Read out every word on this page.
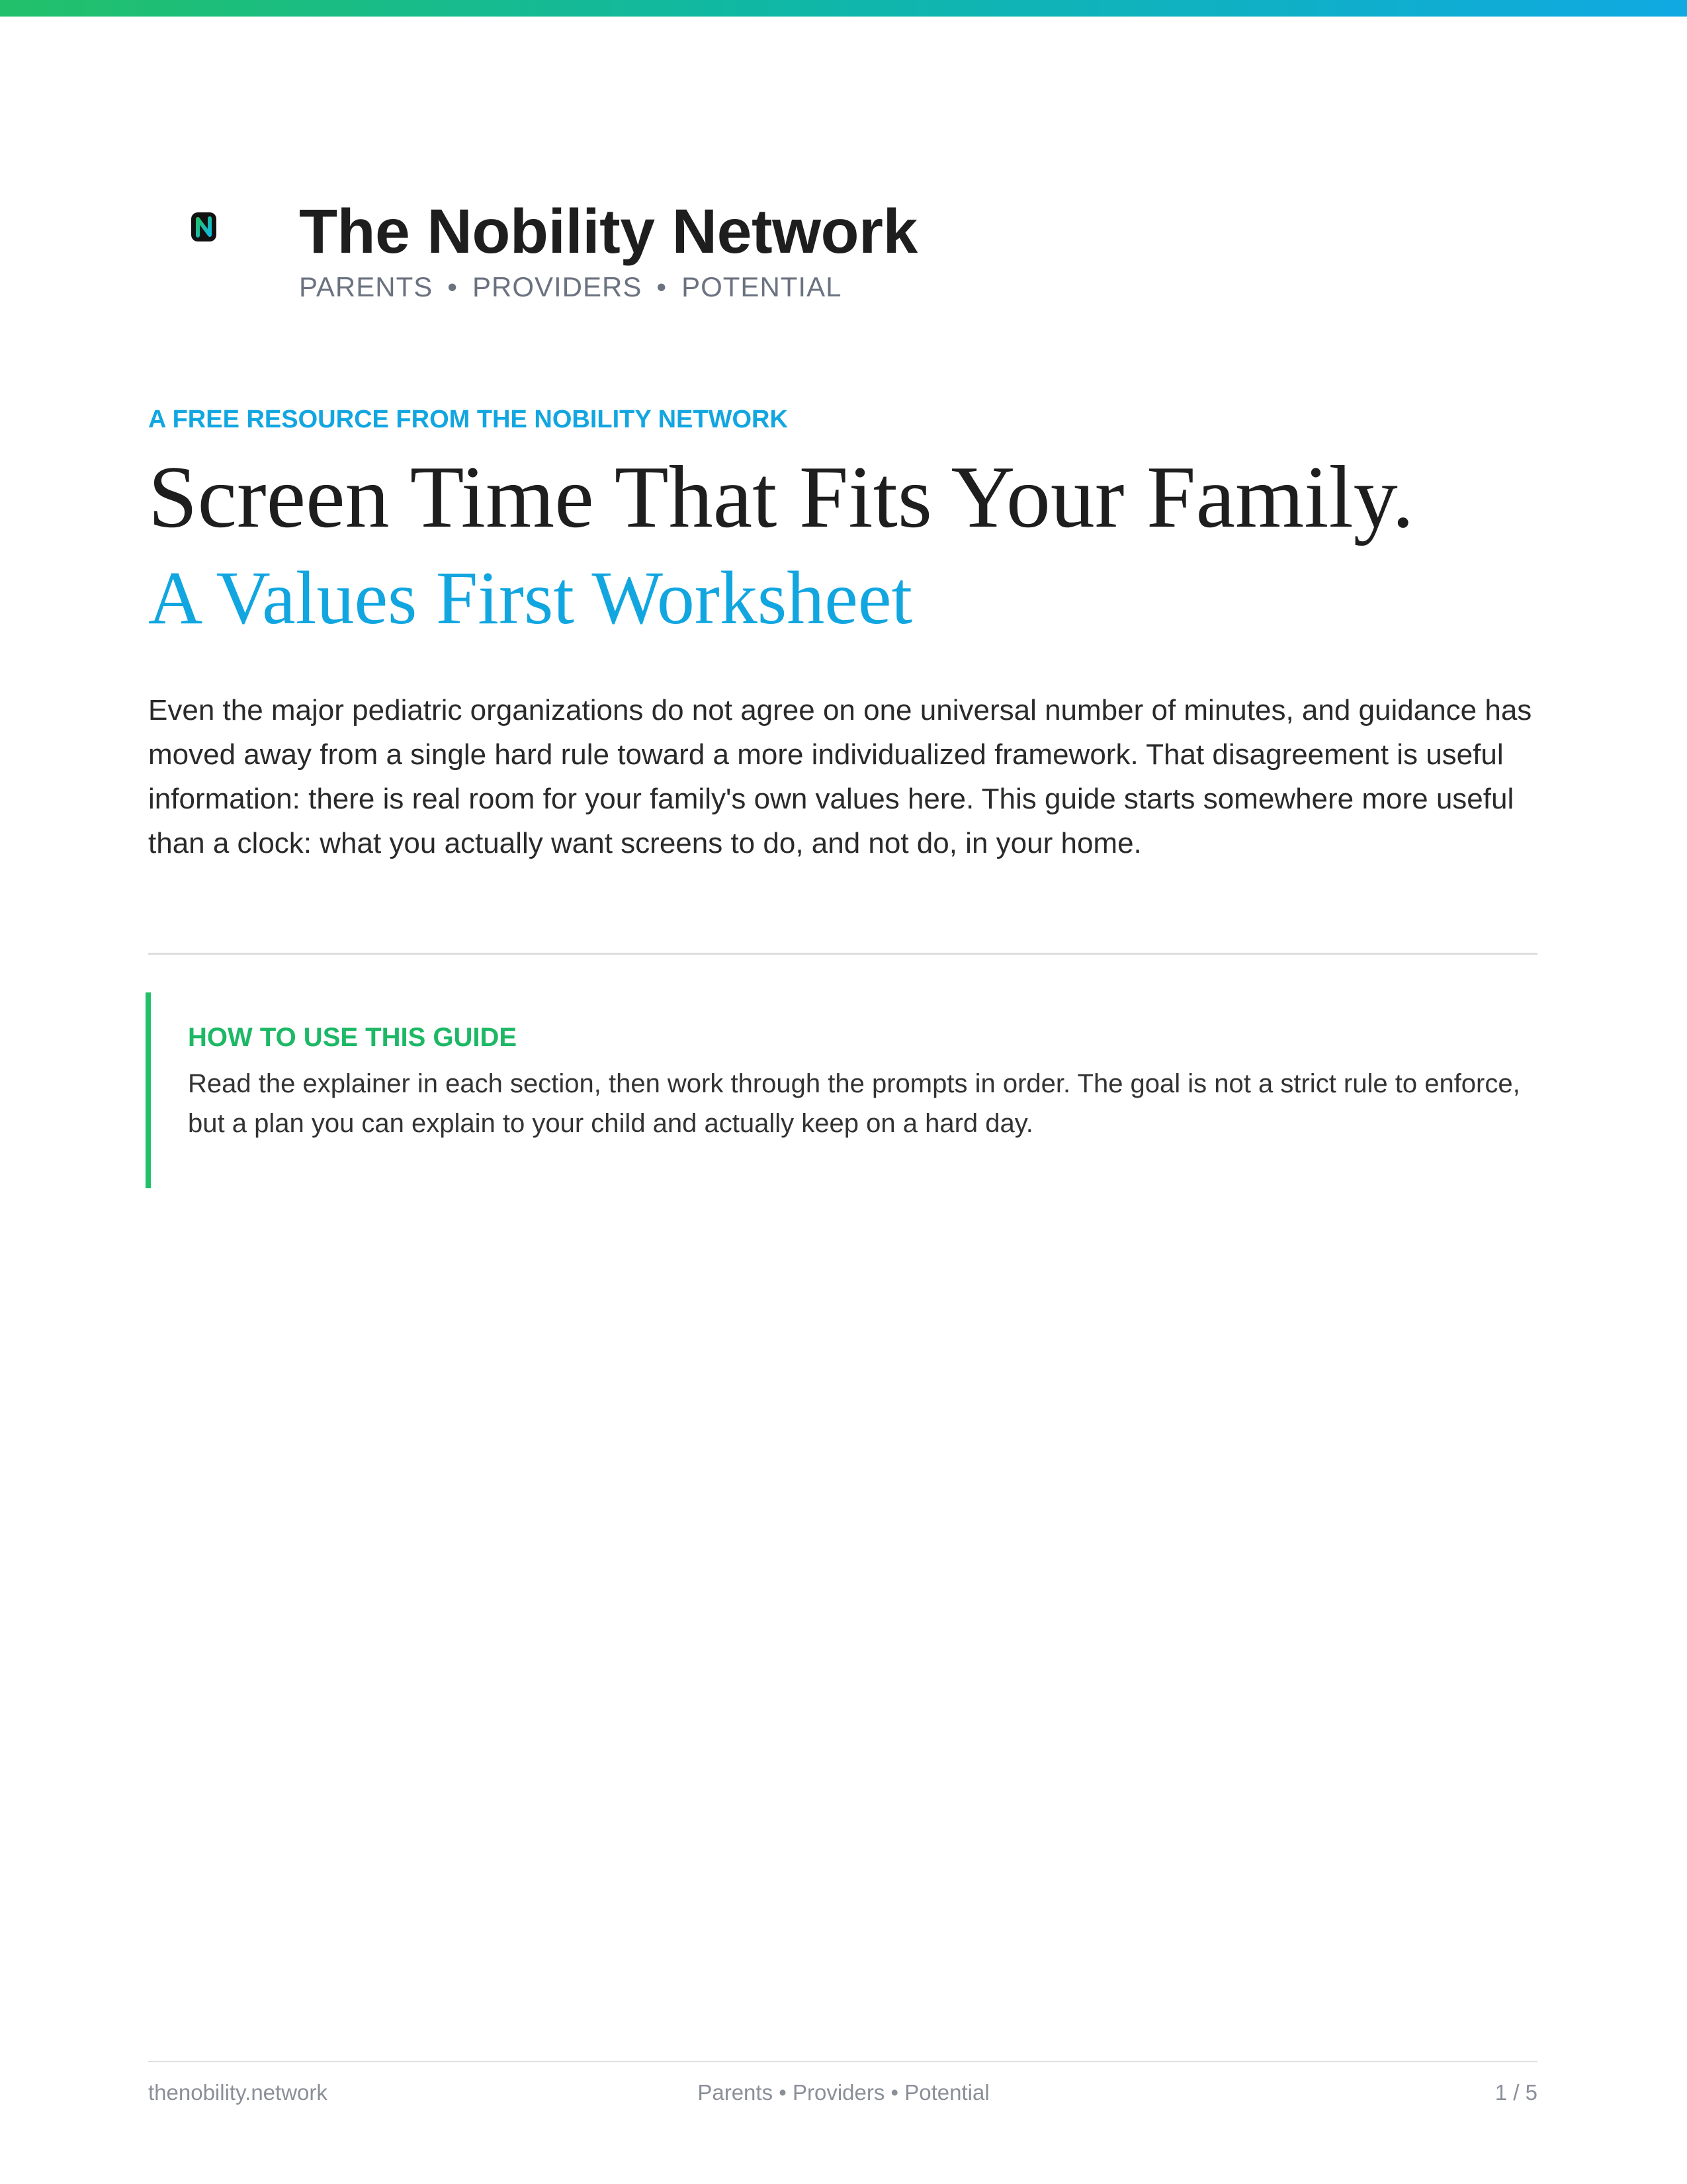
The Nobility Network

PARENTS • PROVIDERS • POTENTIAL

A FREE RESOURCE FROM THE NOBILITY NETWORK

Screen Time That Fits Your Family.
A Values First Worksheet

Even the major pediatric organizations do not agree on one universal number of minutes, and guidance has moved away from a single hard rule toward a more individualized framework. That disagreement is useful information: there is real room for your family's own values here. This guide starts somewhere more useful than a clock: what you actually want screens to do, and not do, in your home.

HOW TO USE THIS GUIDE

Read the explainer in each section, then work through the prompts in order. The goal is not a strict rule to enforce, but a plan you can explain to your child and actually keep on a hard day.

thenobility.network	Parents • Providers • Potential	1 / 5
